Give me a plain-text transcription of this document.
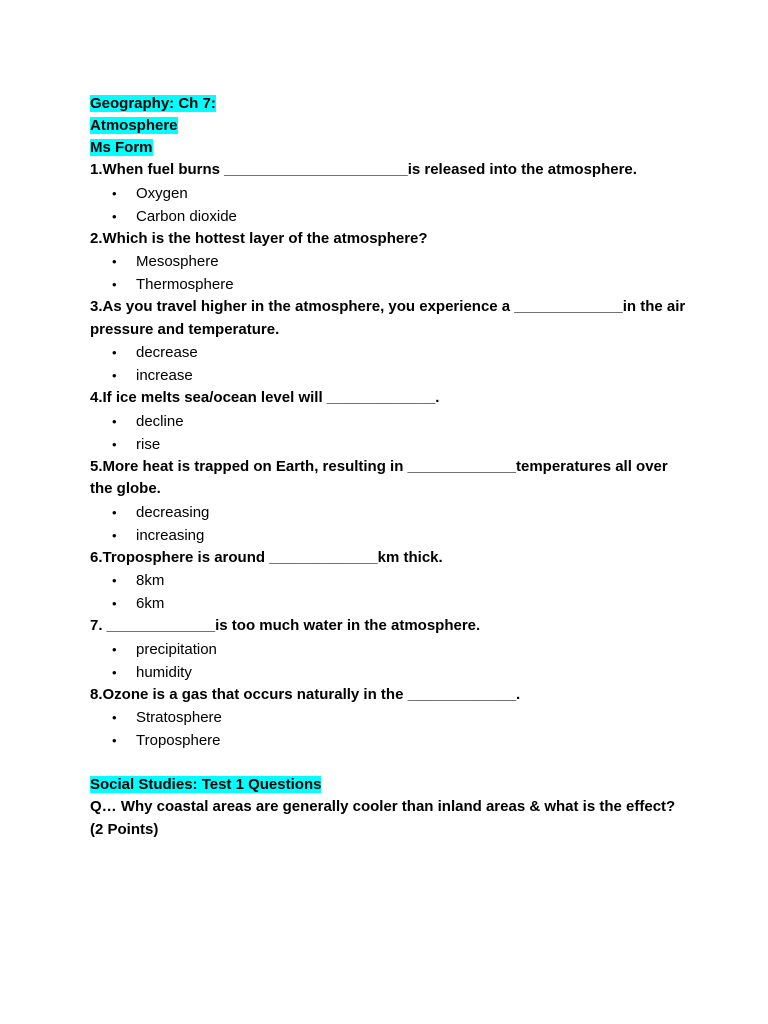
Geography: Ch 7:
Atmosphere
Ms Form
1.When fuel burns ______________________is released into the atmosphere.
• Oxygen
• Carbon dioxide
2.Which is the hottest layer of the atmosphere?
• Mesosphere
• Thermosphere
3.As you travel higher in the atmosphere, you experience a _____________in the air pressure and temperature.
• decrease
• increase
4.If ice melts sea/ocean level will _____________.
• decline
• rise
5.More heat is trapped on Earth, resulting in _____________temperatures all over the globe.
• decreasing
• increasing
6.Troposphere is around _____________km thick.
• 8km
• 6km
7. _____________is too much water in the atmosphere.
• precipitation
• humidity
8.Ozone is a gas that occurs naturally in the _____________.
• Stratosphere
• Troposphere
Social Studies: Test 1 Questions
Q… Why coastal areas are generally cooler than inland areas & what is the effect? (2 Points)
